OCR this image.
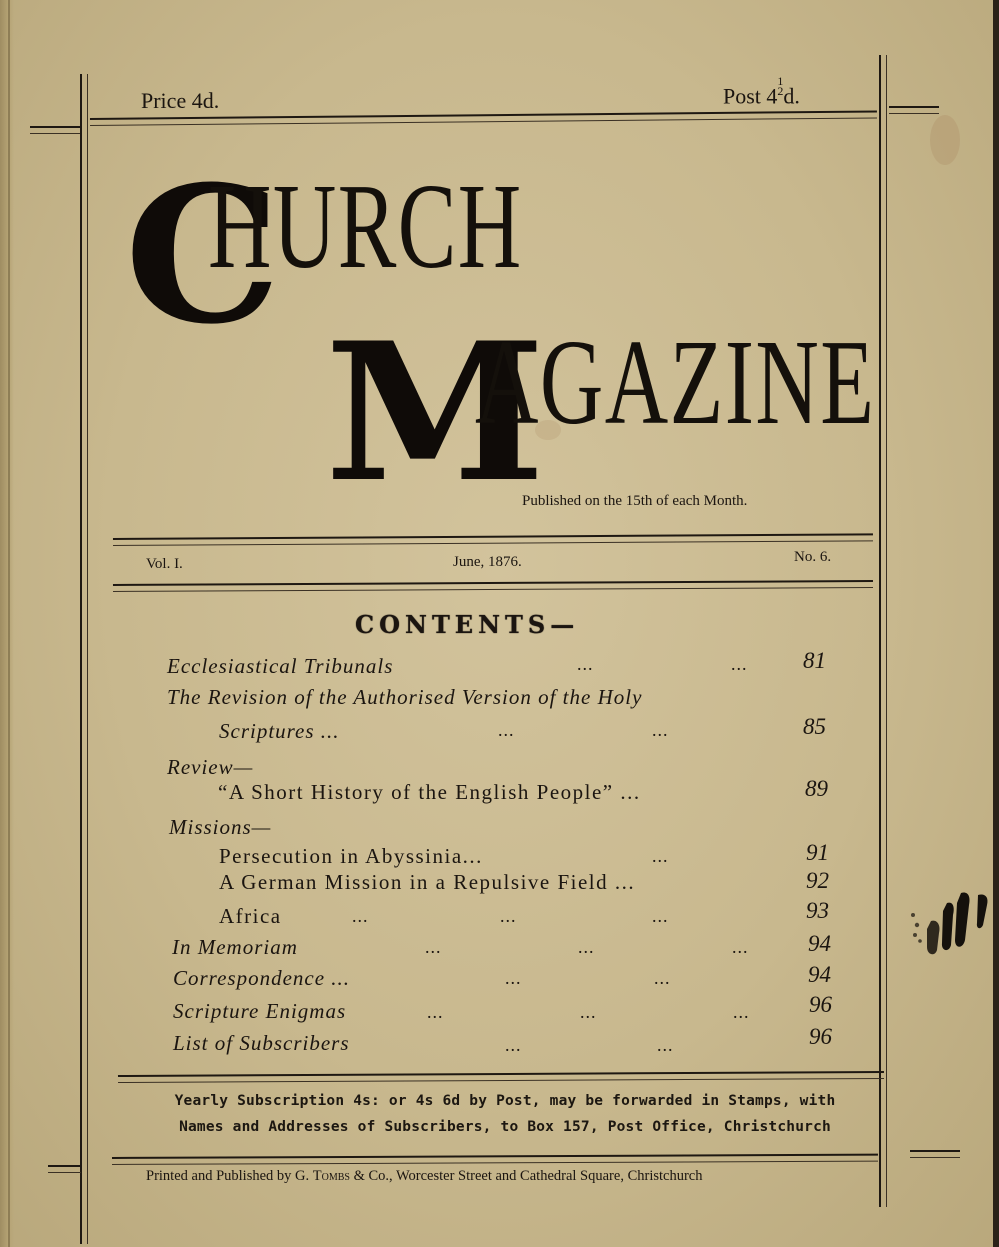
Price 4d.	Post 41
2d.
C
HURCH
M
AGAZINE
Published on the 15th of each Month.
Vol. I.	June, 1876.	No. 6.
CONTENTS—
Ecclesiastical Tribunals	...	... 81
The Revision of the Authorised Version of the Holy
Scriptures ...	...	...	85
Review—
“A Short History of the English People” ...	89
Missions—
Persecution in Abyssinia...	...	91
A German Mission in a Repulsive Field ...	92
Africa	...	...	...	93
In Memoriam	...	...	...	94
Correspondence ...	...	...	94
Scripture Enigmas	...	...	...	96
List of Subscribers	...	...	96
Yearly Subscription 4s: or 4s 6d by Post, may be forwarded in Stamps, with
Names and Addresses of Subscribers, to Box 157, Post Office, Christchurch
Printed and Published by G. Tombs & Co., Worcester Street and Cathedral Square, Christchurch
